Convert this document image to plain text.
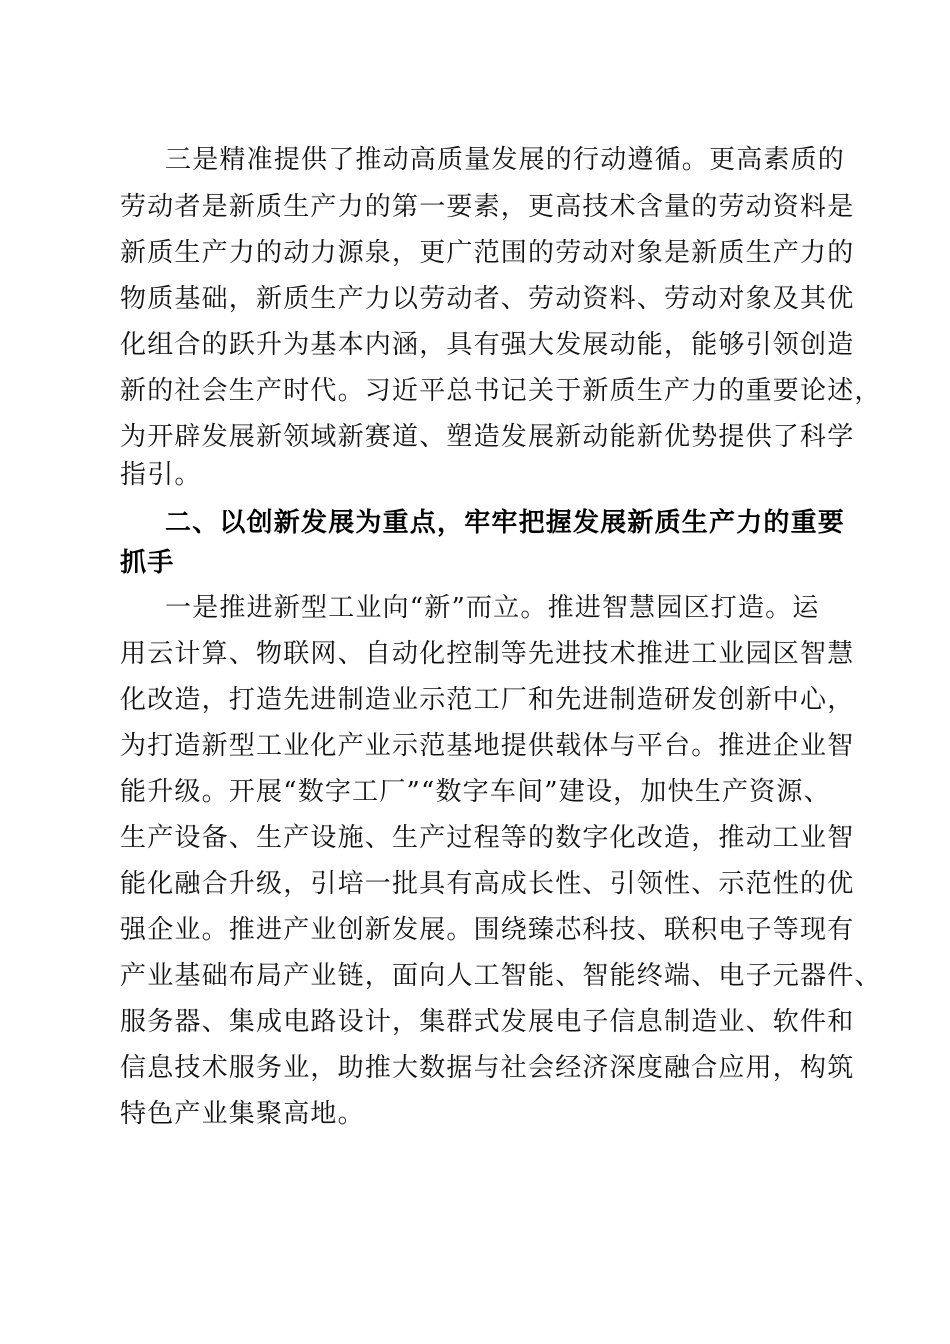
三是精准提供了推动高质量发展的行动遵循。更高素质的
劳动者是新质生产力的第一要素，更高技术含量的劳动资料是
新质生产力的动力源泉，更广范围的劳动对象是新质生产力的
物质基础，新质生产力以劳动者、劳动资料、劳动对象及其优
化组合的跃升为基本内涵，具有强大发展动能，能够引领创造
新的社会生产时代。习近平总书记关于新质生产力的重要论述，
为开辟发展新领域新赛道、塑造发展新动能新优势提供了科学
指引。
二、以创新发展为重点，牢牢把握发展新质生产力的重要
抓手
一是推进新型工业向“新”而立。推进智慧园区打造。运
用云计算、物联网、自动化控制等先进技术推进工业园区智慧
化改造，打造先进制造业示范工厂和先进制造研发创新中心，
为打造新型工业化产业示范基地提供载体与平台。推进企业智
能升级。开展“数字工厂”“数字车间”建设，加快生产资源、
生产设备、生产设施、生产过程等的数字化改造，推动工业智
能化融合升级，引培一批具有高成长性、引领性、示范性的优
强企业。推进产业创新发展。围绕臻芯科技、联积电子等现有
产业基础布局产业链，面向人工智能、智能终端、电子元器件、
服务器、集成电路设计，集群式发展电子信息制造业、软件和
信息技术服务业，助推大数据与社会经济深度融合应用，构筑
特色产业集聚高地。
